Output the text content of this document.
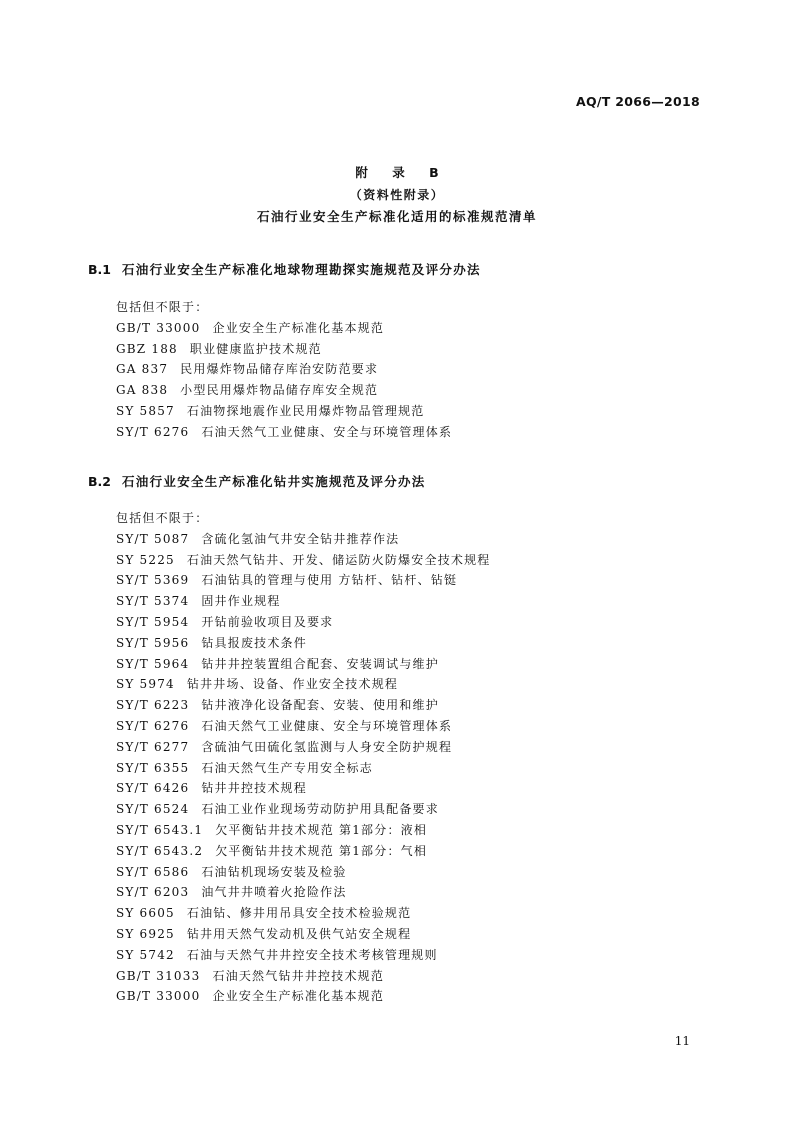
AQ/T 2066—2018
附 录 B
（资料性附录）
石油行业安全生产标准化适用的标准规范清单
B.1 石油行业安全生产标准化地球物理勘探实施规范及评分办法
包括但不限于：
GB/T 33000 企业安全生产标准化基本规范
GBZ 188 职业健康监护技术规范
GA 837 民用爆炸物品储存库治安防范要求
GA 838 小型民用爆炸物品储存库安全规范
SY 5857 石油物探地震作业民用爆炸物品管理规范
SY/T 6276 石油天然气工业健康、安全与环境管理体系
B.2 石油行业安全生产标准化钻井实施规范及评分办法
包括但不限于：
SY/T 5087 含硫化氢油气井安全钻井推荐作法
SY 5225 石油天然气钻井、开发、储运防火防爆安全技术规程
SY/T 5369 石油钻具的管理与使用 方钻杆、钻杆、钻铤
SY/T 5374 固井作业规程
SY/T 5954 开钻前验收项目及要求
SY/T 5956 钻具报废技术条件
SY/T 5964 钻井井控装置组合配套、安装调试与维护
SY 5974 钻井井场、设备、作业安全技术规程
SY/T 6223 钻井液净化设备配套、安装、使用和维护
SY/T 6276 石油天然气工业健康、安全与环境管理体系
SY/T 6277 含硫油气田硫化氢监测与人身安全防护规程
SY/T 6355 石油天然气生产专用安全标志
SY/T 6426 钻井井控技术规程
SY/T 6524 石油工业作业现场劳动防护用具配备要求
SY/T 6543.1 欠平衡钻井技术规范 第1部分：液相
SY/T 6543.2 欠平衡钻井技术规范 第1部分：气相
SY/T 6586 石油钻机现场安装及检验
SY/T 6203 油气井井喷着火抢险作法
SY 6605 石油钻、修井用吊具安全技术检验规范
SY 6925 钻井用天然气发动机及供气站安全规程
SY 5742 石油与天然气井井控安全技术考核管理规则
GB/T 31033 石油天然气钻井井控技术规范
GB/T 33000 企业安全生产标准化基本规范
11
